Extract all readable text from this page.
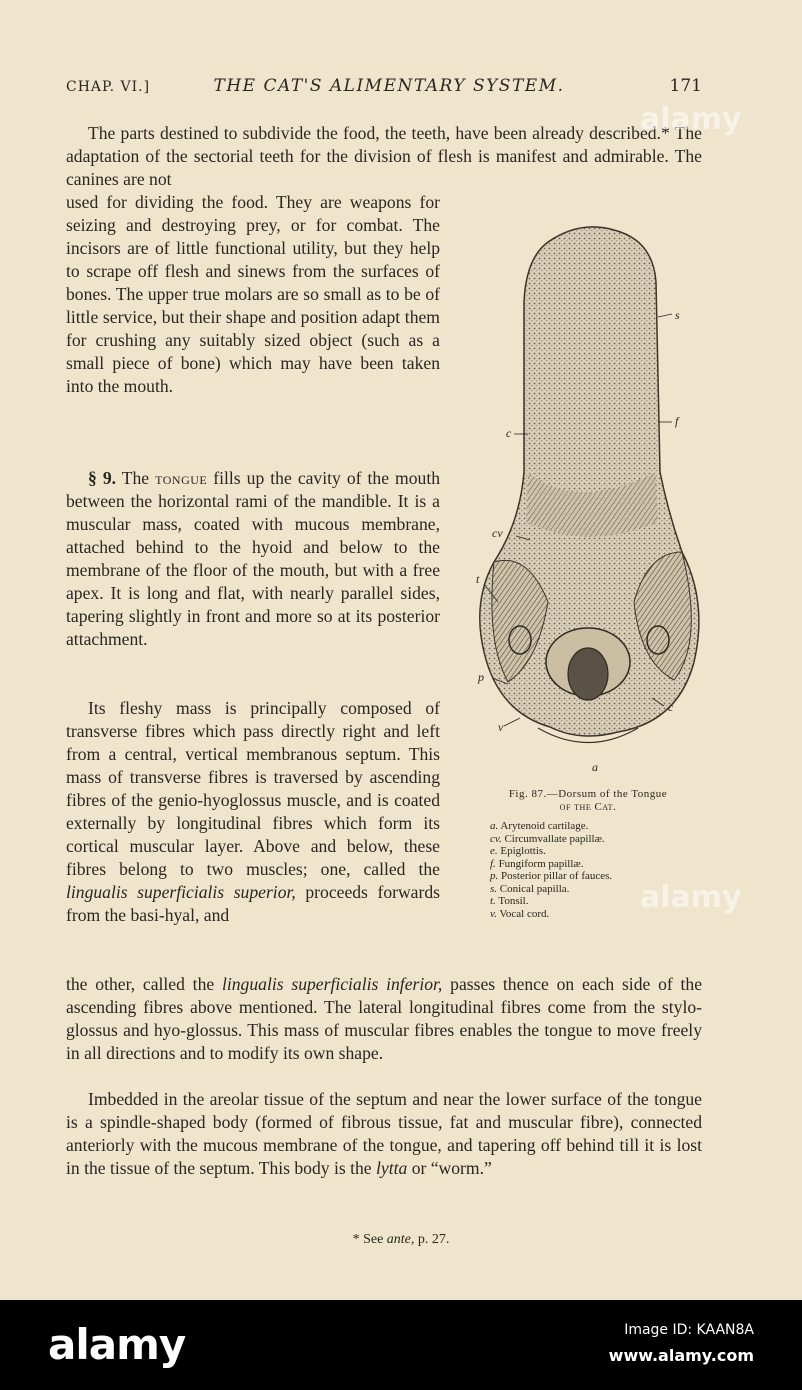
CHAP. VI.]	THE CAT'S ALIMENTARY SYSTEM.	171
The parts destined to subdivide the food, the teeth, have been already described.* The adaptation of the sectorial teeth for the division of flesh is manifest and admirable. The canines are not
used for dividing the food. They are weapons for seizing and destroying prey, or for combat. The incisors are of little functional utility, but they help to scrape off flesh and sinews from the surfaces of bones. The upper true molars are so small as to be of little service, but their shape and position adapt them for crushing any suitably sized object (such as a small piece of bone) which may have been taken into the mouth.
§ 9. The tongue fills up the cavity of the mouth between the horizontal rami of the mandible. It is a muscular mass, coated with mucous membrane, attached behind to the hyoid and below to the membrane of the floor of the mouth, but with a free apex. It is long and flat, with nearly parallel sides, tapering slightly in front and more so at its posterior attachment.
Its fleshy mass is principally composed of transverse fibres which pass directly right and left from a central, vertical membranous septum. This mass of transverse fibres is traversed by ascending fibres of the genio-hyoglossus muscle, and is coated externally by longitudinal fibres which form its cortical muscular layer. Above and below, these fibres belong to two muscles; one, called the lingualis superficialis superior, proceeds forwards from the basi-hyal, and
the other, called the lingualis superficialis inferior, passes thence on each side of the ascending fibres above mentioned. The lateral longitudinal fibres come from the stylo-glossus and hyo-glossus. This mass of muscular fibres enables the tongue to move freely in all directions and to modify its own shape.
Imbedded in the areolar tissue of the septum and near the lower surface of the tongue is a spindle-shaped body (formed of fibrous tissue, fat and muscular fibre), connected anteriorly with the mucous membrane of the tongue, and tapering off behind till it is lost in the tissue of the septum. This body is the lytta or “worm.”
s
f
c
cv
t
p
c
v
a
Fig. 87.—Dorsum of the Tongue
of the Cat.
a. Arytenoid cartilage.
cv. Circumvallate papillæ.
e. Epiglottis.
f. Fungiform papillæ.
p. Posterior pillar of fauces.
s. Conical papilla.
t. Tonsil.
v. Vocal cord.
* See ante, p. 27.
alamy
alamy
alamy	Image ID: KAAN8A
www.alamy.com
